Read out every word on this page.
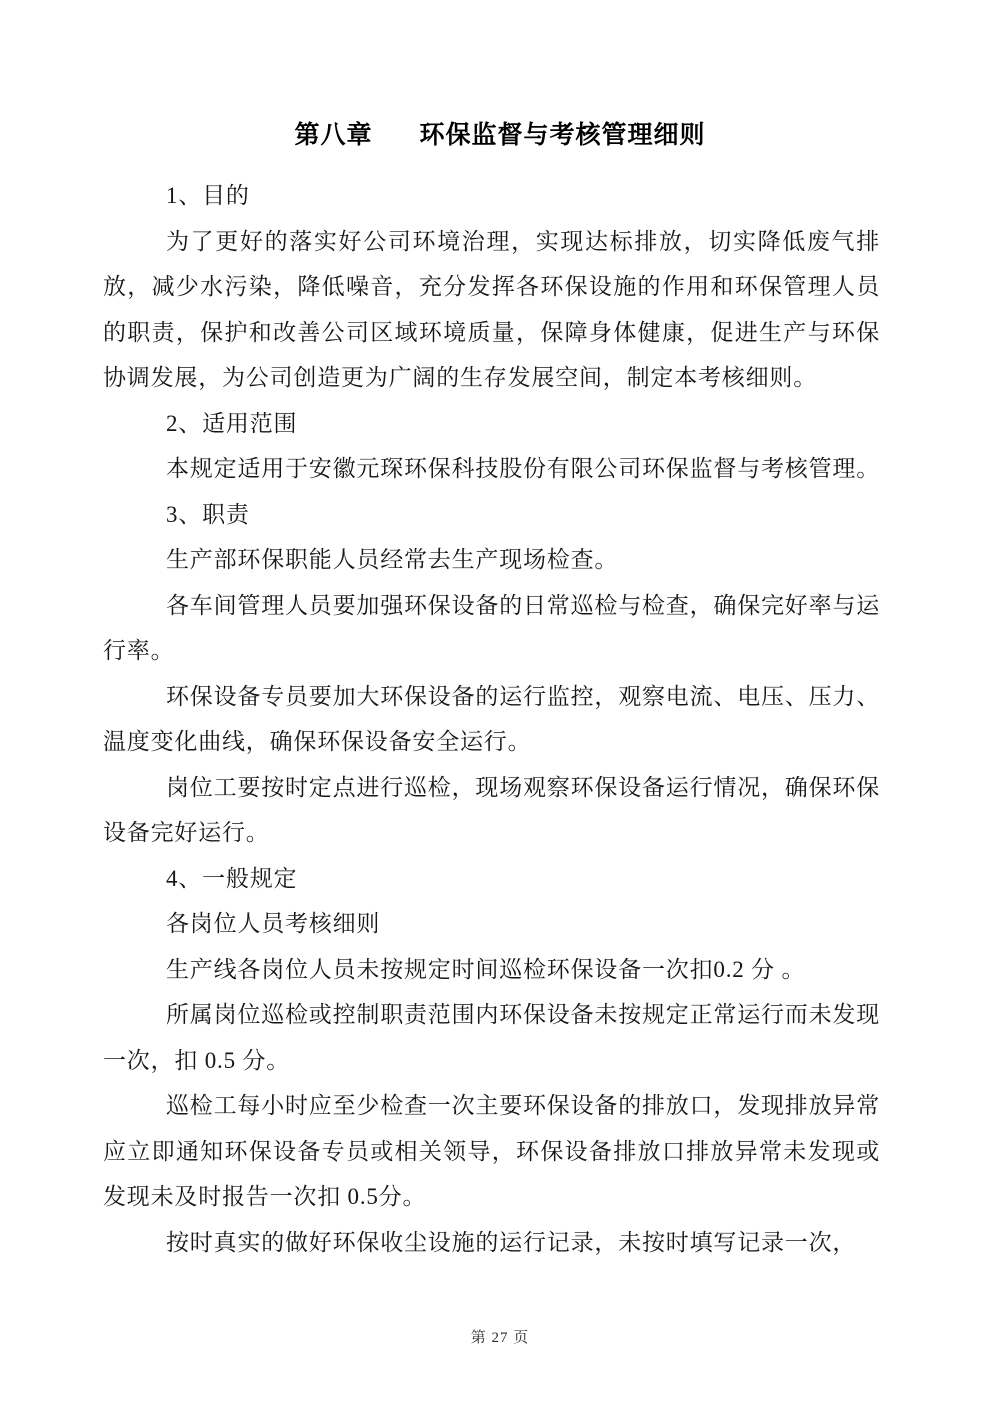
第八章 环保监督与考核管理细则

1、目的

为了更好的落实好公司环境治理，实现达标排放，切实降低废气排放，减少水污染，降低噪音，充分发挥各环保设施的作用和环保管理人员的职责，保护和改善公司区域环境质量，保障身体健康，促进生产与环保协调发展，为公司创造更为广阔的生存发展空间，制定本考核细则。

2、适用范围

本规定适用于安徽元琛环保科技股份有限公司环保监督与考核管理。

3、职责

生产部环保职能人员经常去生产现场检查。

各车间管理人员要加强环保设备的日常巡检与检查，确保完好率与运行率。

环保设备专员要加大环保设备的运行监控，观察电流、电压、压力、温度变化曲线，确保环保设备安全运行。

岗位工要按时定点进行巡检，现场观察环保设备运行情况，确保环保设备完好运行。

4、一般规定

各岗位人员考核细则

生产线各岗位人员未按规定时间巡检环保设备一次扣0.2 分 。

所属岗位巡检或控制职责范围内环保设备未按规定正常运行而未发现一次，扣 0.5 分。

巡检工每小时应至少检查一次主要环保设备的排放口，发现排放异常应立即通知环保设备专员或相关领导，环保设备排放口排放异常未发现或发现未及时报告一次扣 0.5分。

按时真实的做好环保收尘设施的运行记录，未按时填写记录一次，

第 27 页
